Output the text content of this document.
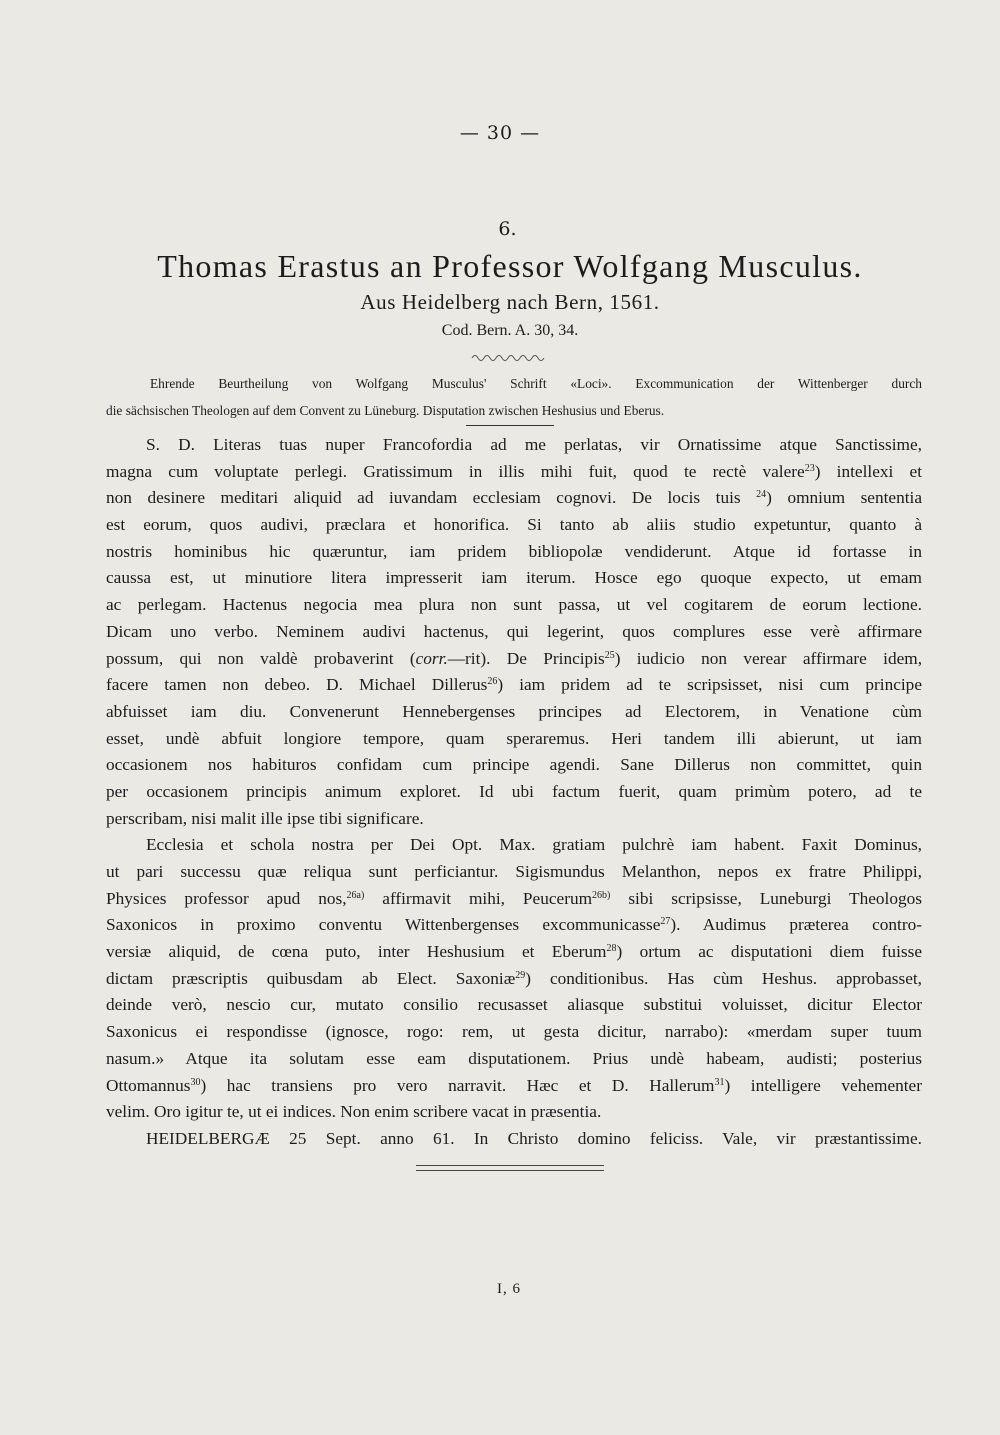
— 30 —
6.
Thomas Erastus an Professor Wolfgang Musculus.
Aus Heidelberg nach Bern, 1561.
Cod. Bern. A. 30, 34.
Ehrende Beurtheilung von Wolfgang Musculus' Schrift «Loci». Excommunication der Wittenberger durch
die sächsischen Theologen auf dem Convent zu Lüneburg. Disputation zwischen Heshusius und Eberus.
S. D. Literas tuas nuper Francofordia ad me perlatas, vir Ornatissime atque Sanctissime,
magna cum voluptate perlegi. Gratissimum in illis mihi fuit, quod te rectè valere$^{23}$) intellexi et
non desinere meditari aliquid ad iuvandam ecclesiam cognovi. De locis tuis $^{24}$) omnium sententia
est eorum, quos audivi, præclara et honorifica. Si tanto ab aliis studio expetuntur, quanto à
nostris hominibus hic quæruntur, iam pridem bibliopolæ vendiderunt. Atque id fortasse in
caussa est, ut minutiore litera impresserit iam iterum. Hosce ego quoque expecto, ut emam
ac perlegam. Hactenus negocia mea plura non sunt passa, ut vel cogitarem de eorum lectione.
Dicam uno verbo. Neminem audivi hactenus, qui legerint, quos complures esse verè affirmare
possum, qui non valdè probaverint (corr.—rit). De Principis$^{25}$) iudicio non verear affirmare idem,
facere tamen non debeo. D. Michael Dillerus$^{26}$) iam pridem ad te scripsisset, nisi cum principe
abfuisset iam diu. Convenerunt Hennebergenses principes ad Electorem, in Venatione cùm
esset, undè abfuit longiore tempore, quam speraremus. Heri tandem illi abierunt, ut iam
occasionem nos habituros confidam cum principe agendi. Sane Dillerus non committet, quin
per occasionem principis animum exploret. Id ubi factum fuerit, quam primùm potero, ad te
perscribam, nisi malit ille ipse tibi significare.
Ecclesia et schola nostra per Dei Opt. Max. gratiam pulchrè iam habent. Faxit Dominus,
ut pari successu quæ reliqua sunt perficiantur. Sigismundus Melanthon, nepos ex fratre Philippi,
Physices professor apud nos,$^{26a)}$ affirmavit mihi, Peucerum$^{26b)}$ sibi scripsisse, Luneburgi Theologos
Saxonicos in proximo conventu Wittenbergenses excommunicasse$^{27}$). Audimus præterea contro-
versiæ aliquid, de cœna puto, inter Heshusium et Eberum$^{28}$) ortum ac disputationi diem fuisse
dictam præscriptis quibusdam ab Elect. Saxoniæ$^{29}$) conditionibus. Has cùm Heshus. approbasset,
deinde verò, nescio cur, mutato consilio recusasset aliasque substitui voluisset, dicitur Elector
Saxonicus ei respondisse (ignosce, rogo: rem, ut gesta dicitur, narrabo): «merdam super tuum
nasum.» Atque ita solutam esse eam disputationem. Prius undè habeam, audisti; posterius
Ottomannus$^{30}$) hac transiens pro vero narravit. Hæc et D. Hallerum$^{31}$) intelligere vehementer
velim. Oro igitur te, ut ei indices. Non enim scribere vacat in præsentia.
HEIDELBERGÆ 25 Sept. anno 61. In Christo domino feliciss. Vale, vir præstantissime.
I, 6
